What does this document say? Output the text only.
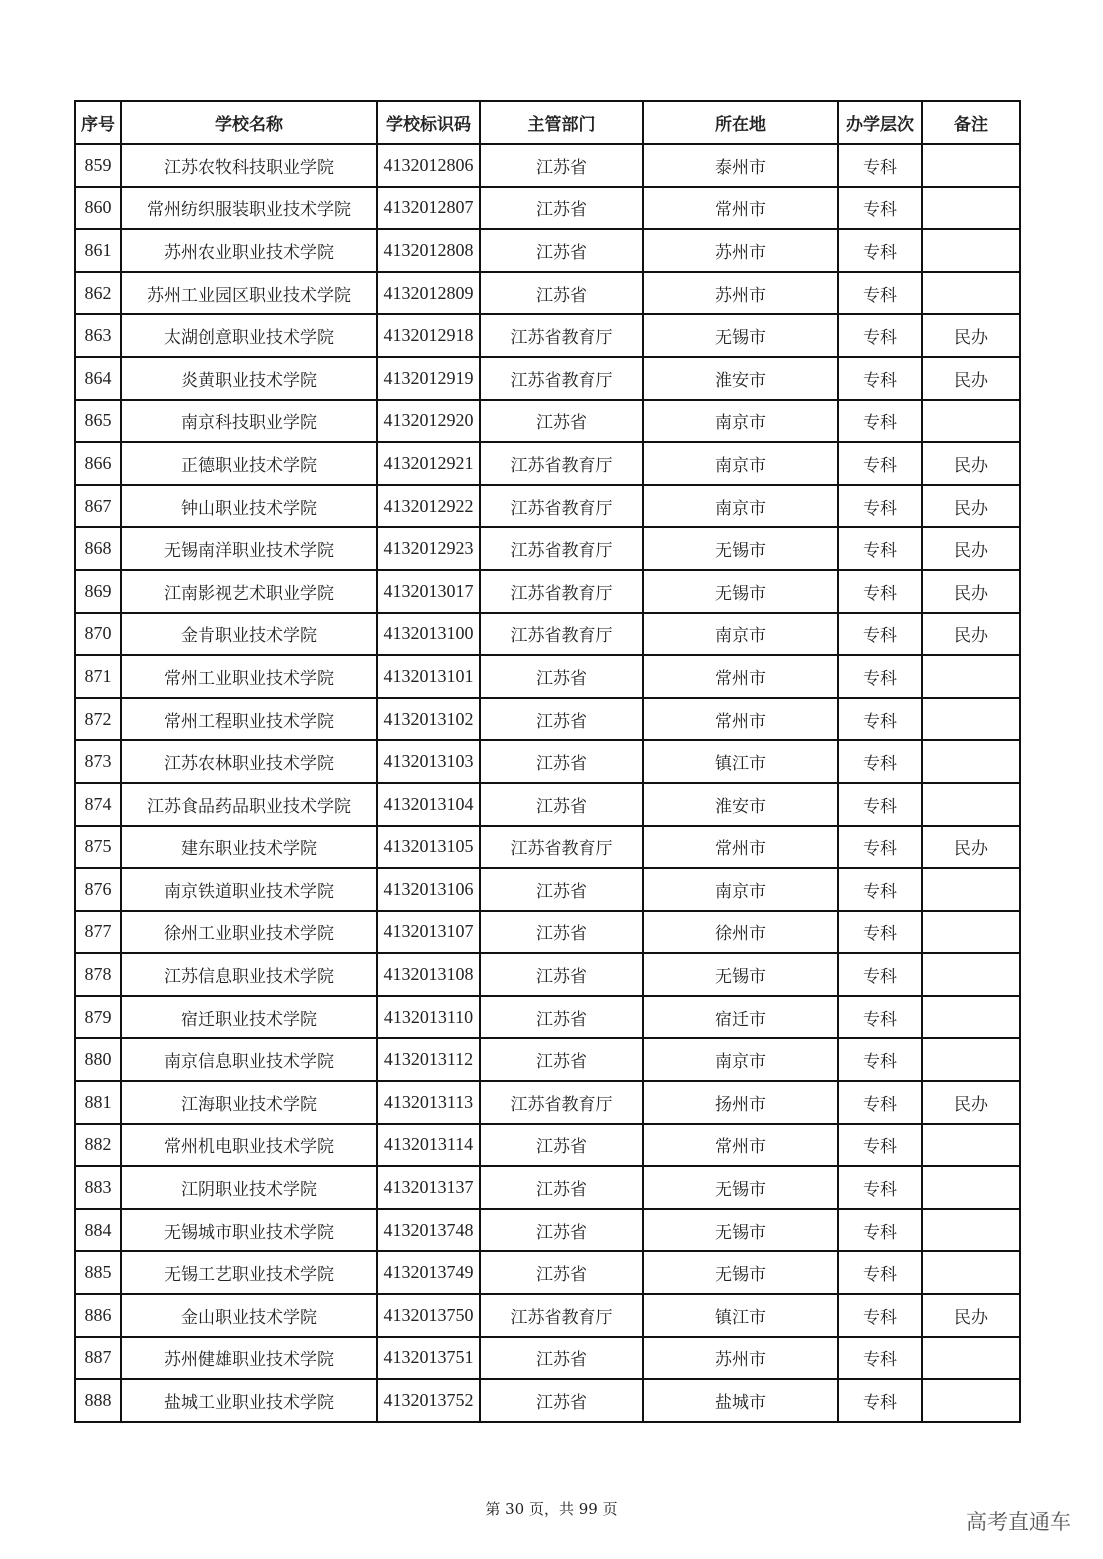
序号	学校名称	学校标识码	主管部门	所在地	办学层次	备注
859	江苏农牧科技职业学院	4132012806	江苏省	泰州市	专科	
860	常州纺织服装职业技术学院	4132012807	江苏省	常州市	专科	
861	苏州农业职业技术学院	4132012808	江苏省	苏州市	专科	
862	苏州工业园区职业技术学院	4132012809	江苏省	苏州市	专科	
863	太湖创意职业技术学院	4132012918	江苏省教育厅	无锡市	专科	民办
864	炎黄职业技术学院	4132012919	江苏省教育厅	淮安市	专科	民办
865	南京科技职业学院	4132012920	江苏省	南京市	专科	
866	正德职业技术学院	4132012921	江苏省教育厅	南京市	专科	民办
867	钟山职业技术学院	4132012922	江苏省教育厅	南京市	专科	民办
868	无锡南洋职业技术学院	4132012923	江苏省教育厅	无锡市	专科	民办
869	江南影视艺术职业学院	4132013017	江苏省教育厅	无锡市	专科	民办
870	金肯职业技术学院	4132013100	江苏省教育厅	南京市	专科	民办
871	常州工业职业技术学院	4132013101	江苏省	常州市	专科	
872	常州工程职业技术学院	4132013102	江苏省	常州市	专科	
873	江苏农林职业技术学院	4132013103	江苏省	镇江市	专科	
874	江苏食品药品职业技术学院	4132013104	江苏省	淮安市	专科	
875	建东职业技术学院	4132013105	江苏省教育厅	常州市	专科	民办
876	南京铁道职业技术学院	4132013106	江苏省	南京市	专科	
877	徐州工业职业技术学院	4132013107	江苏省	徐州市	专科	
878	江苏信息职业技术学院	4132013108	江苏省	无锡市	专科	
879	宿迁职业技术学院	4132013110	江苏省	宿迁市	专科	
880	南京信息职业技术学院	4132013112	江苏省	南京市	专科	
881	江海职业技术学院	4132013113	江苏省教育厅	扬州市	专科	民办
882	常州机电职业技术学院	4132013114	江苏省	常州市	专科	
883	江阴职业技术学院	4132013137	江苏省	无锡市	专科	
884	无锡城市职业技术学院	4132013748	江苏省	无锡市	专科	
885	无锡工艺职业技术学院	4132013749	江苏省	无锡市	专科	
886	金山职业技术学院	4132013750	江苏省教育厅	镇江市	专科	民办
887	苏州健雄职业技术学院	4132013751	江苏省	苏州市	专科	
888	盐城工业职业技术学院	4132013752	江苏省	盐城市	专科	
第 30 页，共 99 页
高考直通车
